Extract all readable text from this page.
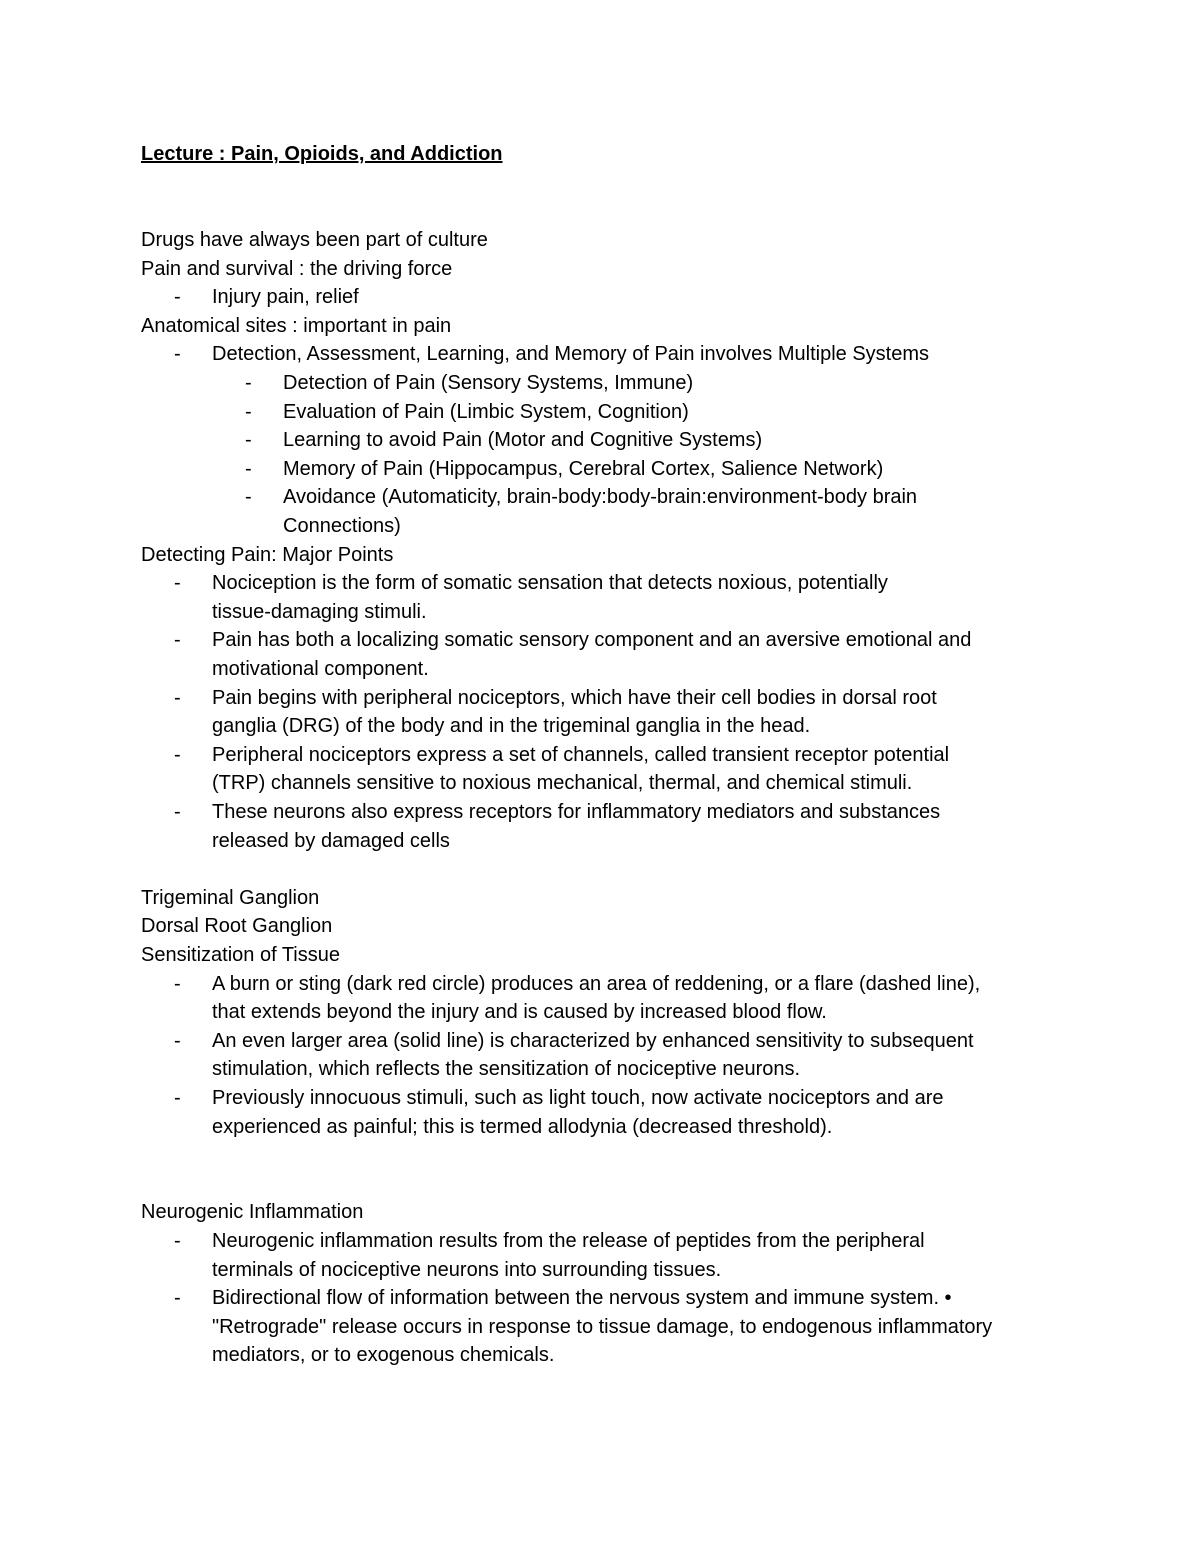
Lecture : Pain, Opioids, and Addiction
Drugs have always been part of culture
Pain and survival : the driving force
- Injury pain, relief
Anatomical sites : important in pain
- Detection, Assessment, Learning, and Memory of Pain involves Multiple Systems
- Detection of Pain (Sensory Systems, Immune)
- Evaluation of Pain (Limbic System, Cognition)
- Learning to avoid Pain (Motor and Cognitive Systems)
- Memory of Pain (Hippocampus, Cerebral Cortex, Salience Network)
- Avoidance (Automaticity, brain-body:body-brain:environment-body brain
Connections)
Detecting Pain: Major Points
- Nociception is the form of somatic sensation that detects noxious, potentially
tissue-damaging stimuli.
- Pain has both a localizing somatic sensory component and an aversive emotional and
motivational component.
- Pain begins with peripheral nociceptors, which have their cell bodies in dorsal root
ganglia (DRG) of the body and in the trigeminal ganglia in the head.
- Peripheral nociceptors express a set of channels, called transient receptor potential
(TRP) channels sensitive to noxious mechanical, thermal, and chemical stimuli.
- These neurons also express receptors for inflammatory mediators and substances
released by damaged cells
Trigeminal Ganglion
Dorsal Root Ganglion
Sensitization of Tissue
- A burn or sting (dark red circle) produces an area of reddening, or a flare (dashed line),
that extends beyond the injury and is caused by increased blood flow.
- An even larger area (solid line) is characterized by enhanced sensitivity to subsequent
stimulation, which reflects the sensitization of nociceptive neurons.
- Previously innocuous stimuli, such as light touch, now activate nociceptors and are
experienced as painful; this is termed allodynia (decreased threshold).
Neurogenic Inflammation
- Neurogenic inflammation results from the release of peptides from the peripheral
terminals of nociceptive neurons into surrounding tissues.
- Bidirectional flow of information between the nervous system and immune system. •
"Retrograde" release occurs in response to tissue damage, to endogenous inflammatory
mediators, or to exogenous chemicals.
